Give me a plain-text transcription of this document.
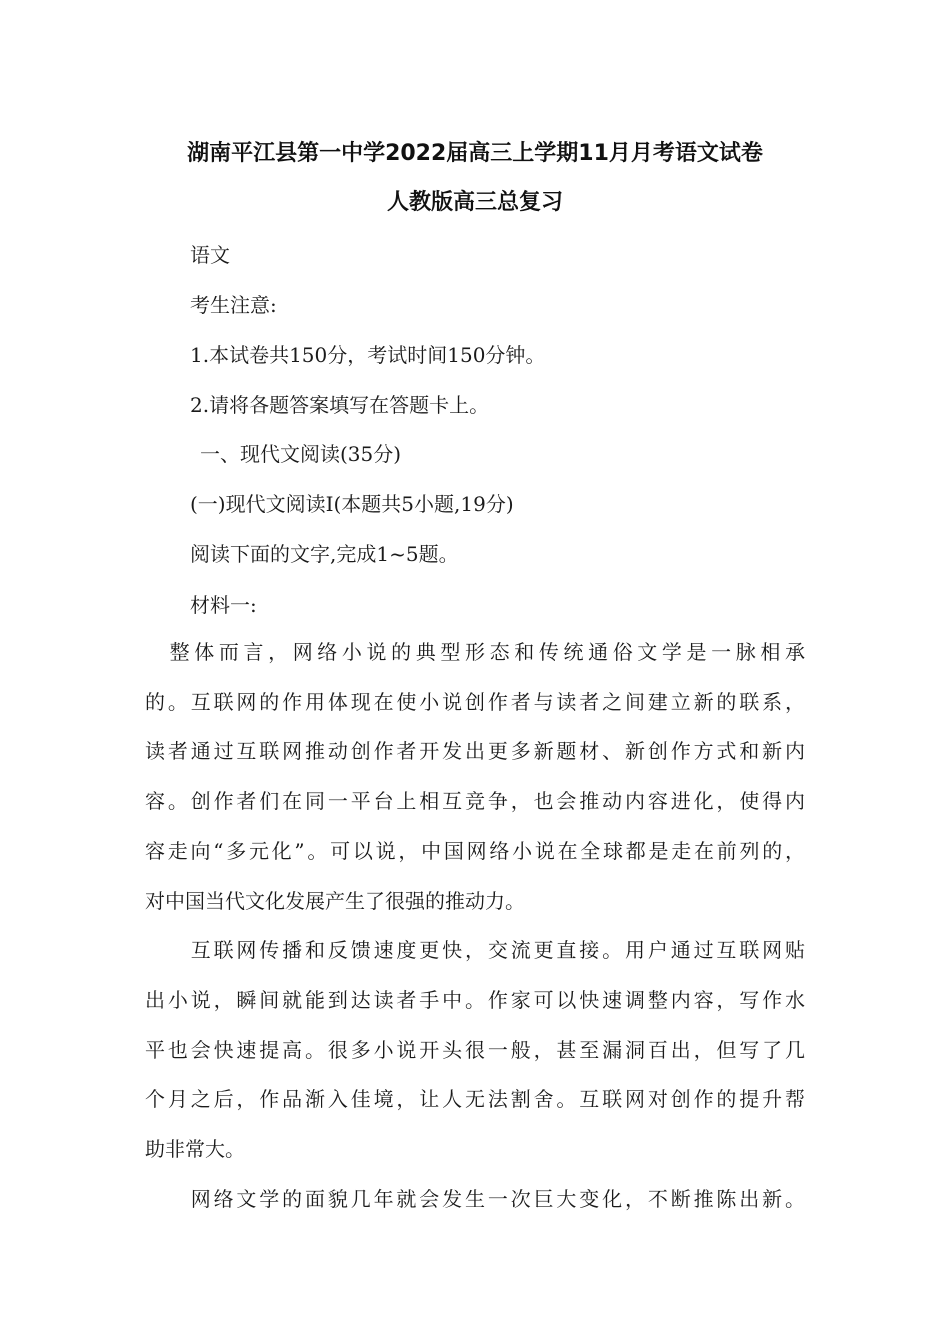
湖南平江县第一中学2022届高三上学期11月月考语文试卷
人教版高三总复习
语文
考生注意:
1.本试卷共150分，考试时间150分钟。
2.请将各题答案填写在答题卡上。
一、现代文阅读(35分)
(一)现代文阅读Ⅰ(本题共5小题,19分)
阅读下面的文字,完成1~5题。
材料一:
　整体而言，网络小说的典型形态和传统通俗文学是一脉相承
的。互联网的作用体现在使小说创作者与读者之间建立新的联系，
读者通过互联网推动创作者开发出更多新题材、新创作方式和新内
容。创作者们在同一平台上相互竞争，也会推动内容进化，使得内
容走向“多元化”。可以说，中国网络小说在全球都是走在前列的，
对中国当代文化发展产生了很强的推动力。
　　互联网传播和反馈速度更快，交流更直接。用户通过互联网贴
出小说，瞬间就能到达读者手中。作家可以快速调整内容，写作水
平也会快速提高。很多小说开头很一般，甚至漏洞百出，但写了几
个月之后，作品渐入佳境，让人无法割舍。互联网对创作的提升帮
助非常大。
　　网络文学的面貌几年就会发生一次巨大变化，不断推陈出新。
